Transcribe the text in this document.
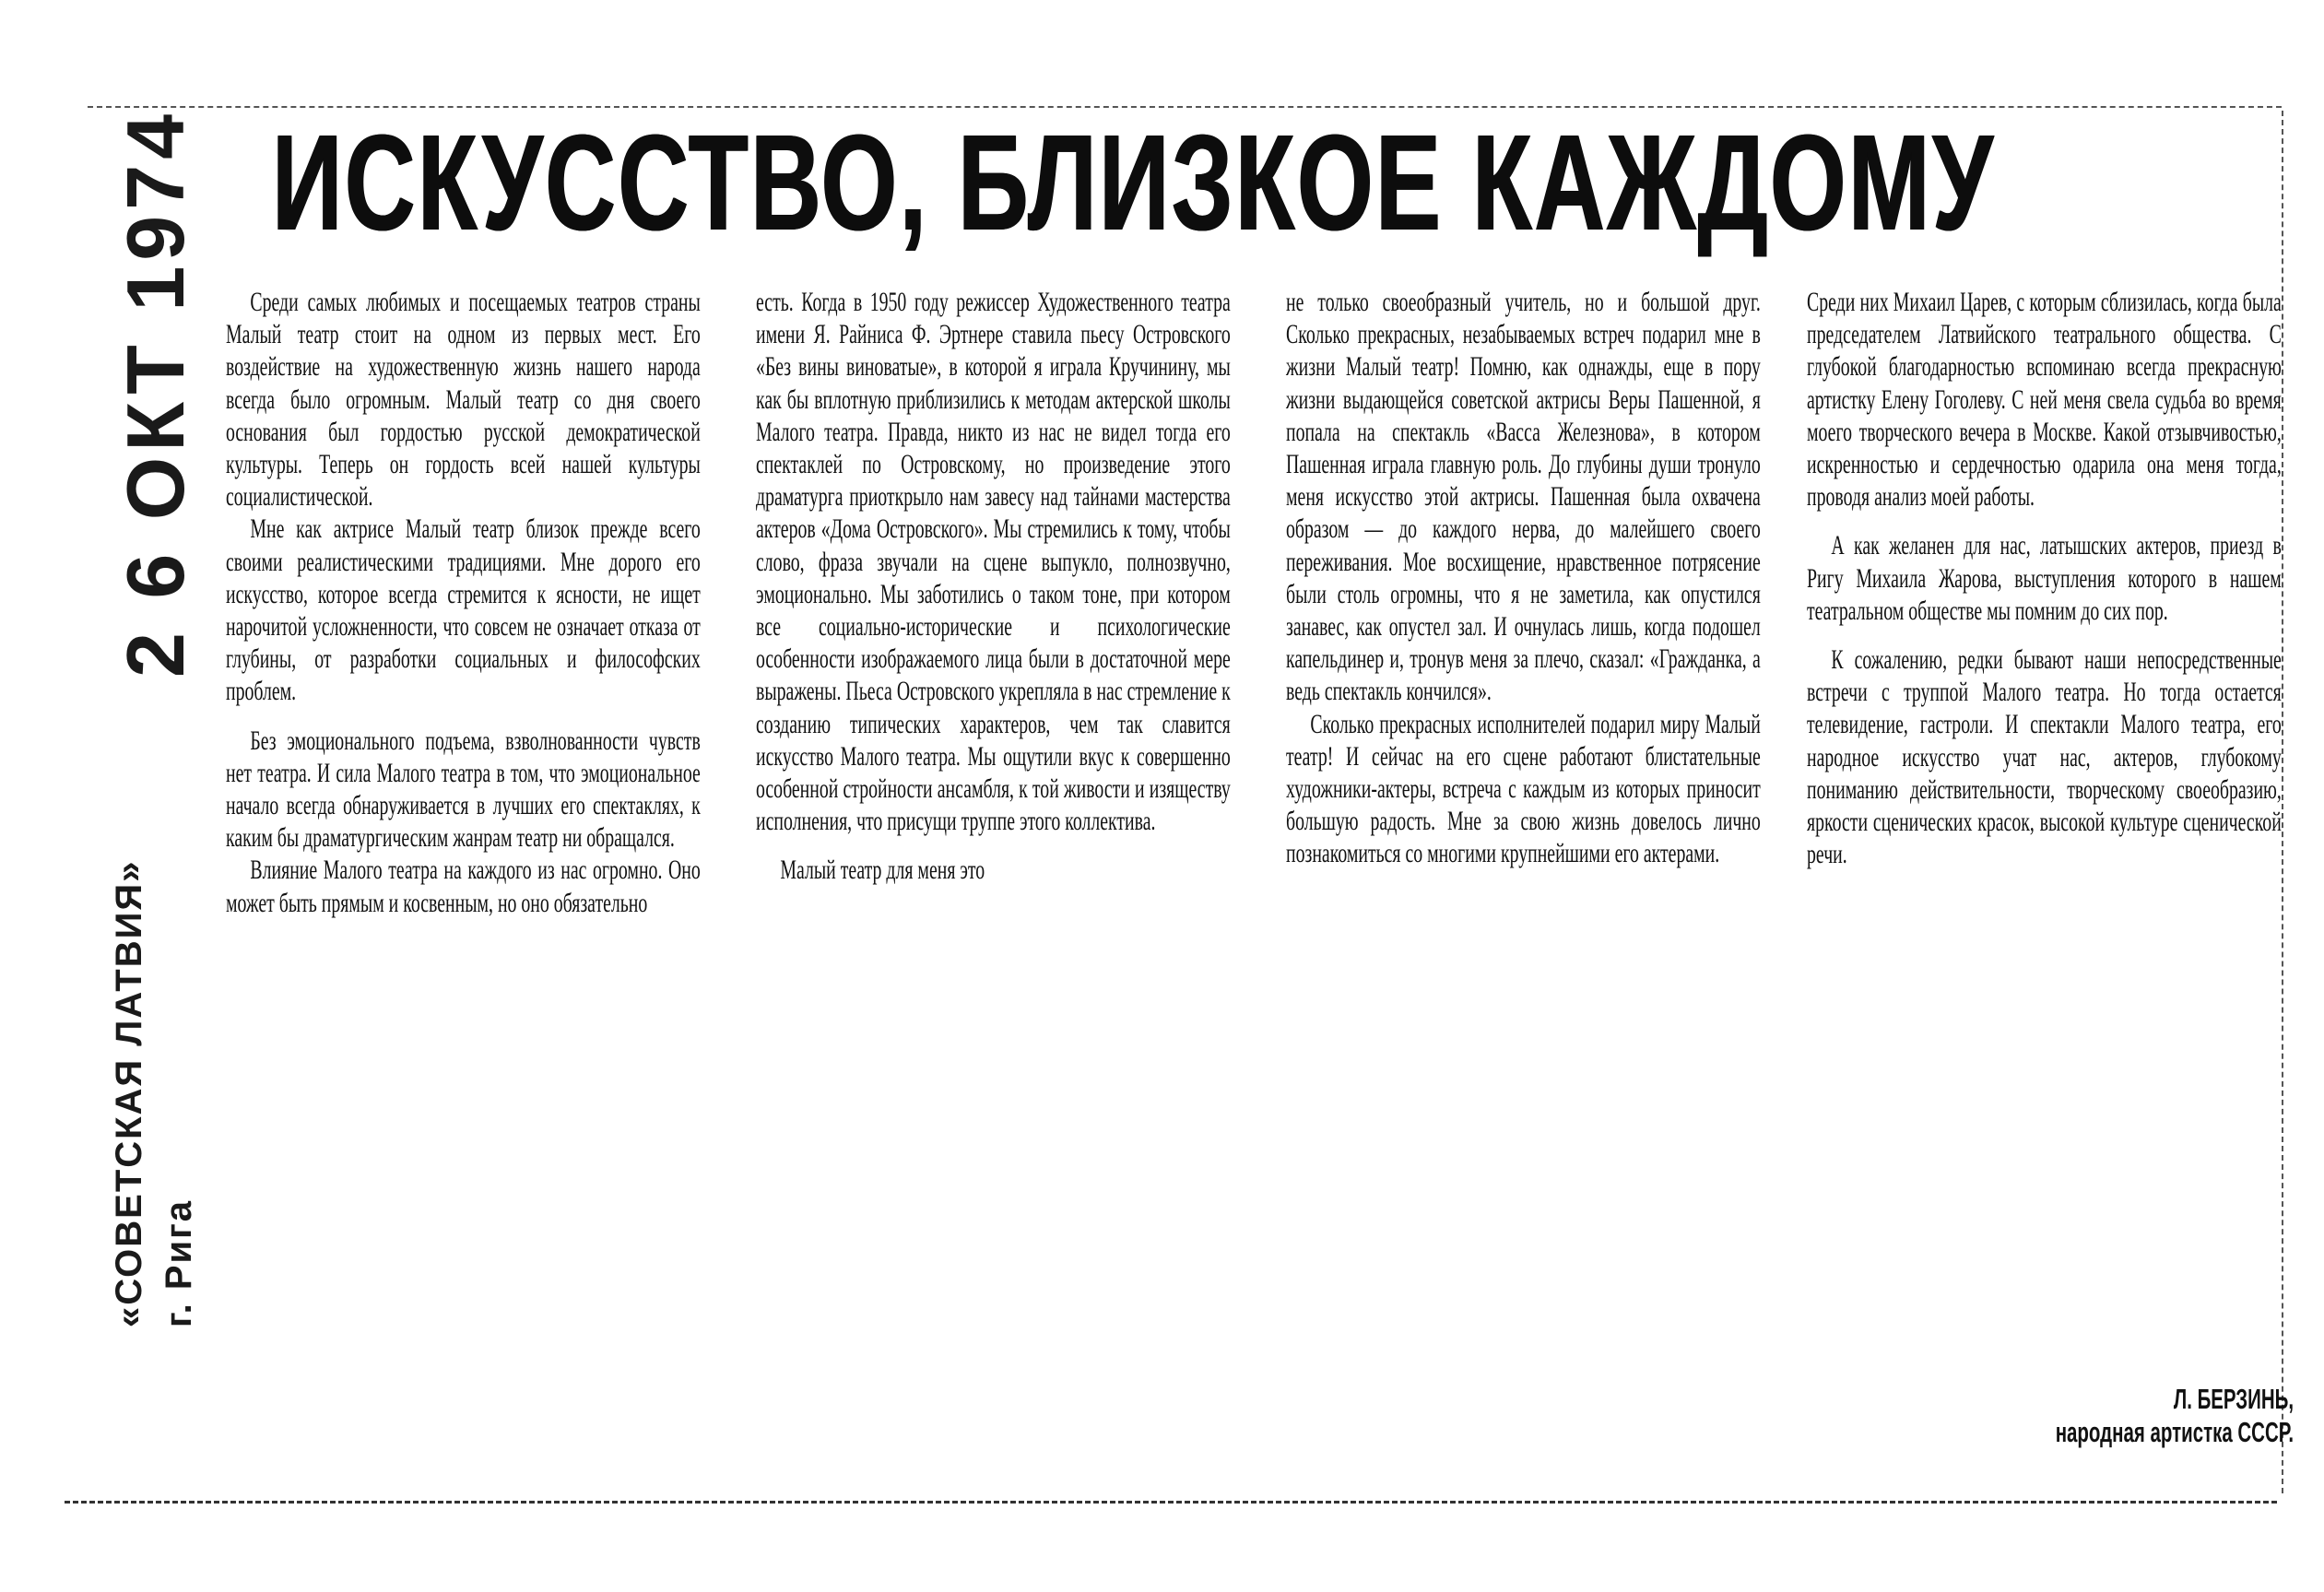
ИСКУССТВО, БЛИЗКОЕ КАЖДОМУ
2 6 ОКТ 1974
«СОВЕТСКАЯ ЛАТВИЯ» г. Рига

Среди самых любимых и посещаемых театров страны Малый театр стоит на одном из первых мест. Его воздействие на художественную жизнь нашего народа всегда было огромным. Малый театр со дня своего основания был гордостью русской демократической культуры. Теперь он гордость всей нашей культуры социалистической.

Мне как актрисе Малый театр близок прежде всего своими реалистическими традициями. Мне дорого его искусство, которое всегда стремится к ясности, не ищет нарочитой усложненности, что совсем не означает отказа от глубины, от разработки социальных и философских проблем.

Без эмоционального подъема, взволнованности чувств нет театра. И сила Малого театра в том, что эмоциональное начало всегда обнаруживается в лучших его спектаклях, к каким бы драматургическим жанрам театр ни обращался.

Влияние Малого театра на каждого из нас огромно. Оно может быть прямым и косвенным, но оно обязательно

есть. Когда в 1950 году режиссер Художественного театра имени Я. Райниса Ф. Эртнере ставила пьесу Островского «Без вины виноватые», в которой я играла Кручинину, мы как бы вплотную приблизились к методам актерской школы Малого театра. Правда, никто из нас не видел тогда его спектаклей по Островскому, но произведение этого драматурга приоткрыло нам завесу над тайнами мастерства актеров «Дома Островского». Мы стремились к тому, чтобы слово, фраза звучали на сцене выпукло, полнозвучно, эмоционально. Мы заботились о таком тоне, при котором все социально-исторические и психологические особенности изображаемого лица были в достаточной мере выражены. Пьеса Островского укрепляла в нас стремление к созданию типических характеров, чем так славится искусство Малого театра. Мы ощутили вкус к совершенно особенной стройности ансамбля, к той живости и изяществу исполнения, что присущи труппе этого коллектива.

Малый театр для меня это

не только своеобразный учитель, но и большой друг. Сколько прекрасных, незабываемых встреч подарил мне в жизни Малый театр! Помню, как однажды, еще в пору жизни выдающейся советской актрисы Веры Пашенной, я попала на спектакль «Васса Железнова», в котором Пашенная играла главную роль. До глубины души тронуло меня искусство этой актрисы. Пашенная была охвачена образом — до каждого нерва, до малейшего своего переживания. Мое восхищение, нравственное потрясение были столь огромны, что я не заметила, как опустился занавес, как опустел зал. И очнулась лишь, когда подошел капельдинер и, тронув меня за плечо, сказал: «Гражданка, а ведь спектакль кончился».

Сколько прекрасных исполнителей подарил миру Малый театр! И сейчас на его сцене работают блистательные художники-актеры, встреча с каждым из которых приносит большую радость. Мне за свою жизнь довелось лично познакомиться со многими крупнейшими его актерами.

Среди них Михаил Царев, с которым сблизилась, когда была председателем Латвийского театрального общества. С глубокой благодарностью вспоминаю всегда прекрасную артистку Елену Гоголеву. С ней меня свела судьба во время моего творческого вечера в Москве. Какой отзывчивостью, искренностью и сердечностью одарила она меня тогда, проводя анализ моей работы.

А как желанен для нас, латышских актеров, приезд в Ригу Михаила Жарова, выступления которого в нашем театральном обществе мы помним до сих пор.

К сожалению, редки бывают наши непосредственные встречи с труппой Малого театра. Но тогда остается телевидение, гастроли. И спектакли Малого театра, его народное искусство учат нас, актеров, глубокому пониманию действительности, творческому своеобразию, яркости сценических красок, высокой культуре сценической речи.

Л. БЕРЗИНЬ,
народная артистка СССР.
